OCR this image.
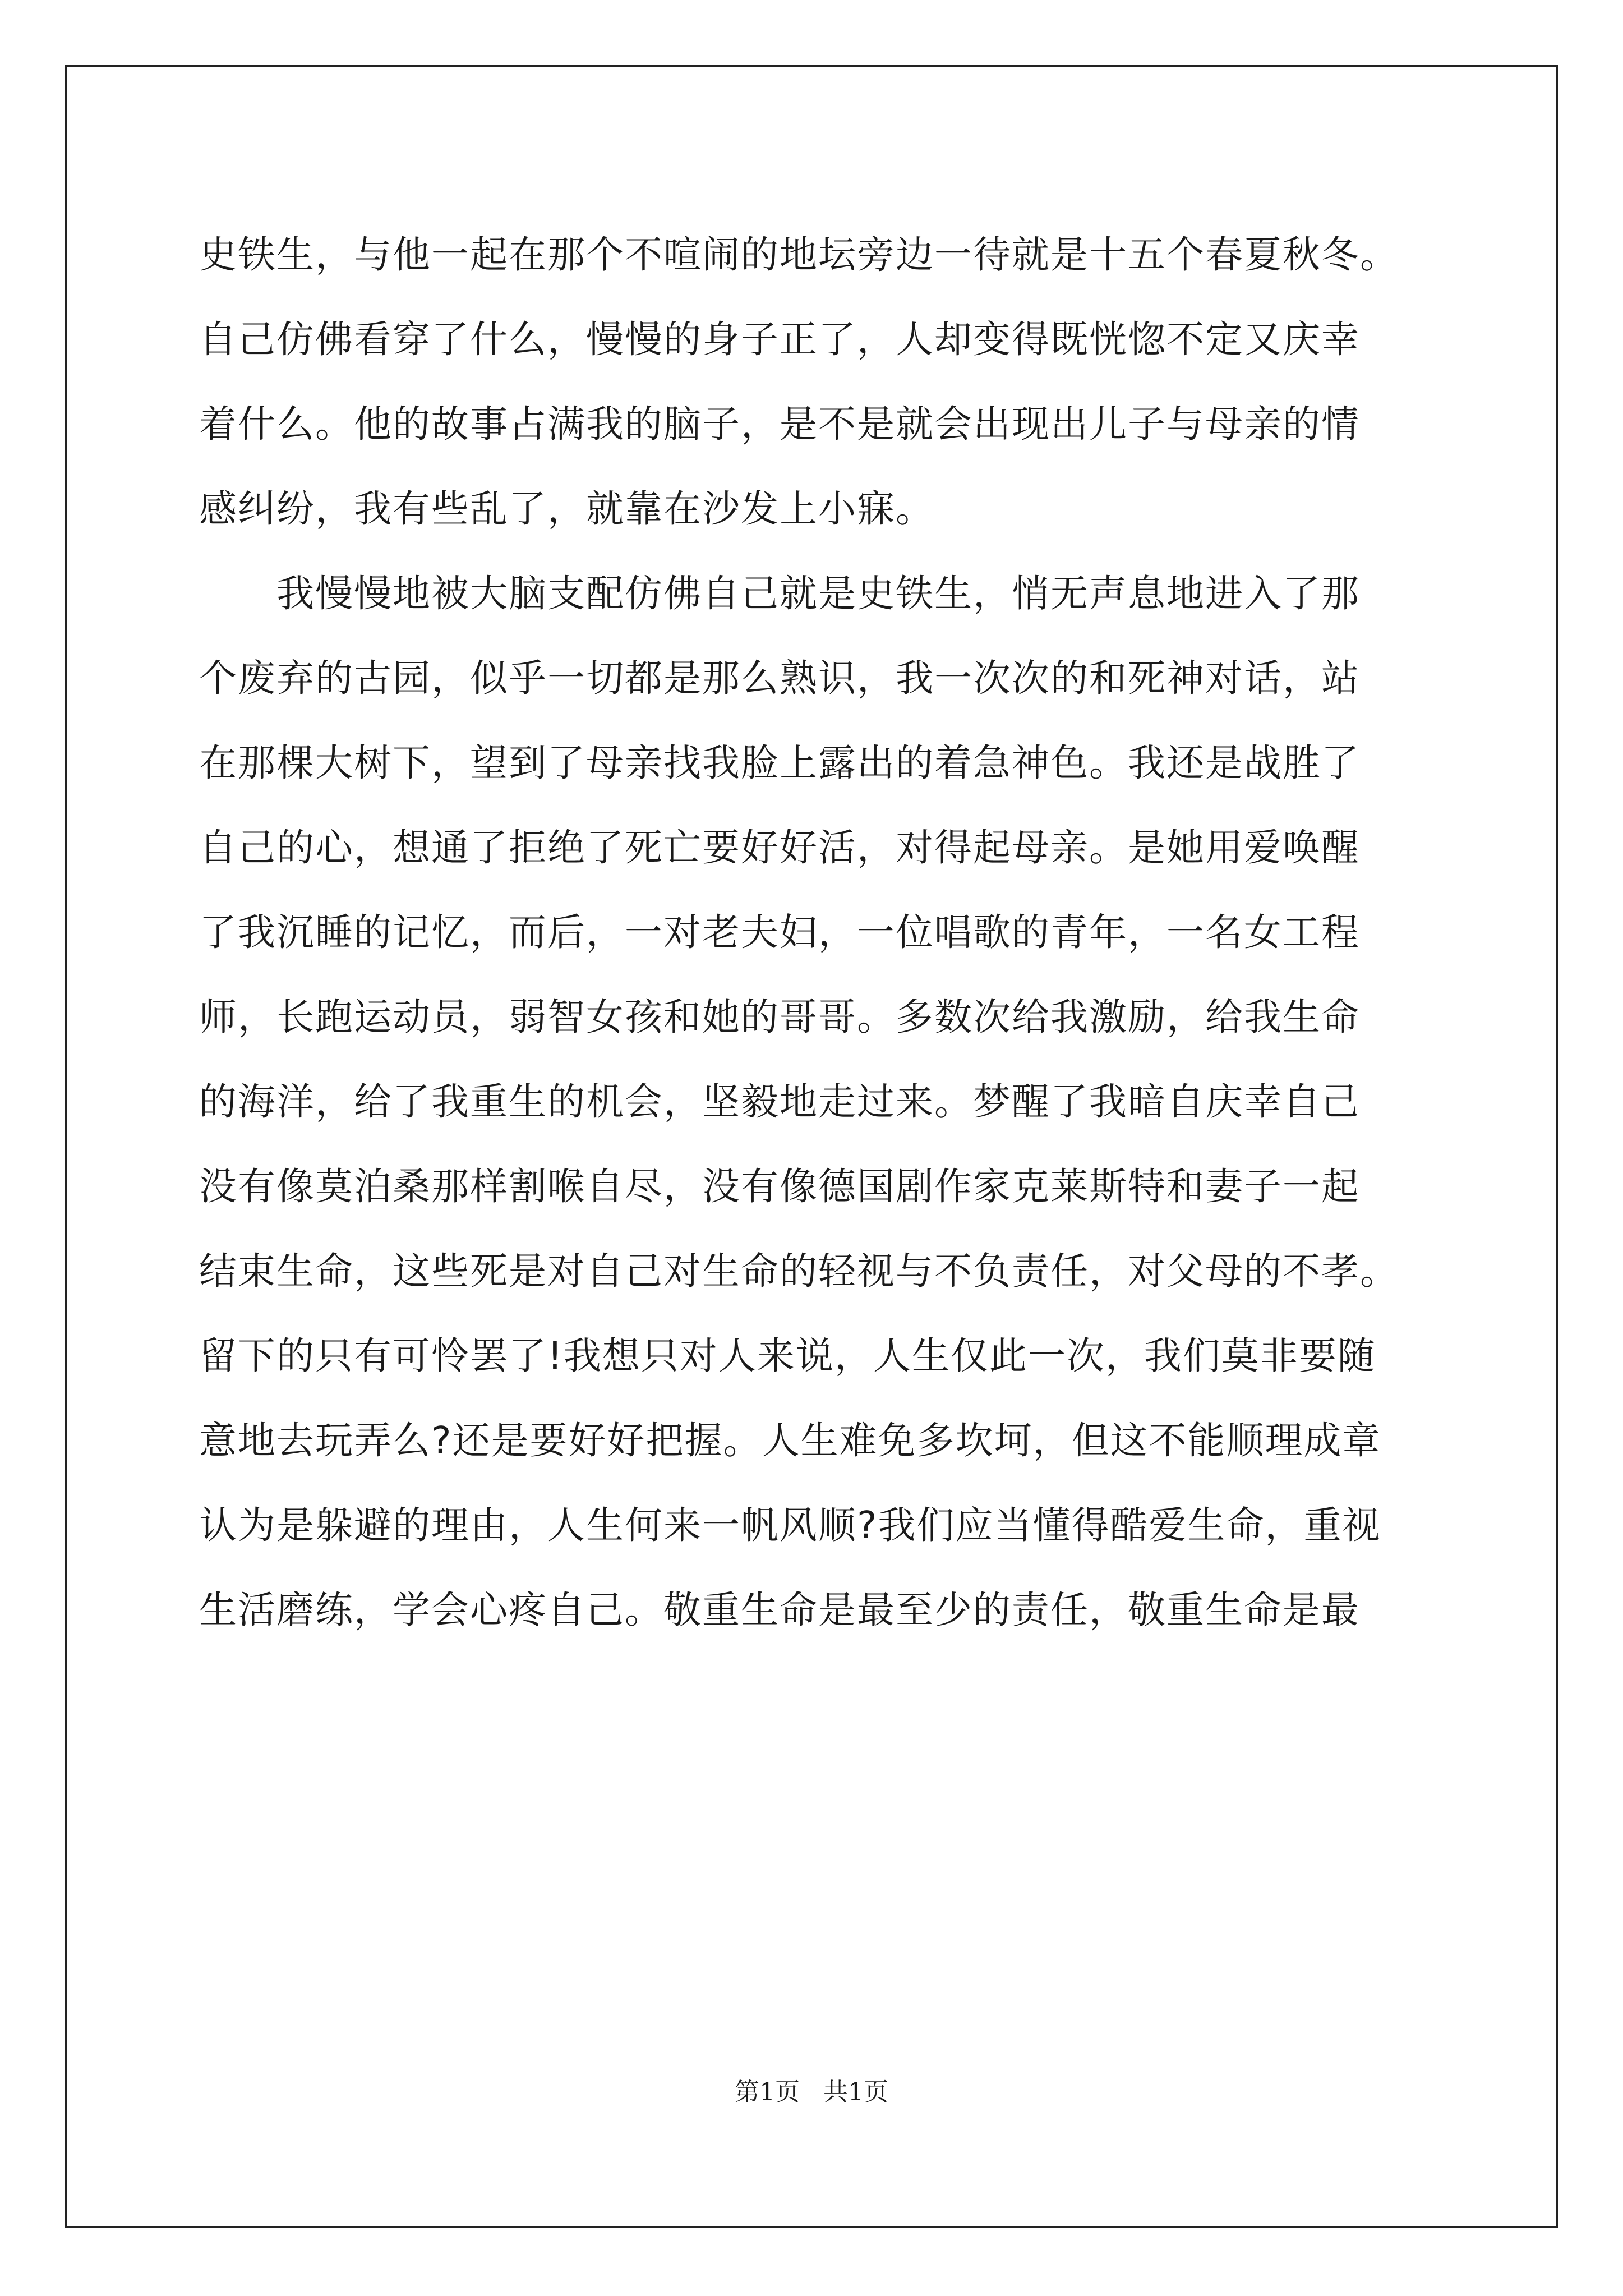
史铁生，与他一起在那个不喧闹的地坛旁边一待就是十五个春夏秋冬。

自己仿佛看穿了什么，慢慢的身子正了，人却变得既恍惚不定又庆幸

着什么。他的故事占满我的脑子，是不是就会出现出儿子与母亲的情

感纠纷，我有些乱了，就靠在沙发上小寐。

　　我慢慢地被大脑支配仿佛自己就是史铁生，悄无声息地进入了那

个废弃的古园，似乎一切都是那么熟识，我一次次的和死神对话，站

在那棵大树下，望到了母亲找我脸上露出的着急神色。我还是战胜了

自己的心，想通了拒绝了死亡要好好活，对得起母亲。是她用爱唤醒

了我沉睡的记忆，而后，一对老夫妇，一位唱歌的青年，一名女工程

师，长跑运动员，弱智女孩和她的哥哥。多数次给我激励，给我生命

的海洋，给了我重生的机会，坚毅地走过来。梦醒了我暗自庆幸自己

没有像莫泊桑那样割喉自尽，没有像德国剧作家克莱斯特和妻子一起

结束生命，这些死是对自己对生命的轻视与不负责任，对父母的不孝。

留下的只有可怜罢了!我想只对人来说，人生仅此一次，我们莫非要随

意地去玩弄么?还是要好好把握。人生难免多坎坷，但这不能顺理成章

认为是躲避的理由，人生何来一帆风顺?我们应当懂得酷爱生命，重视

生活磨练，学会心疼自己。敬重生命是最至少的责任，敬重生命是最

第1页   共1页
